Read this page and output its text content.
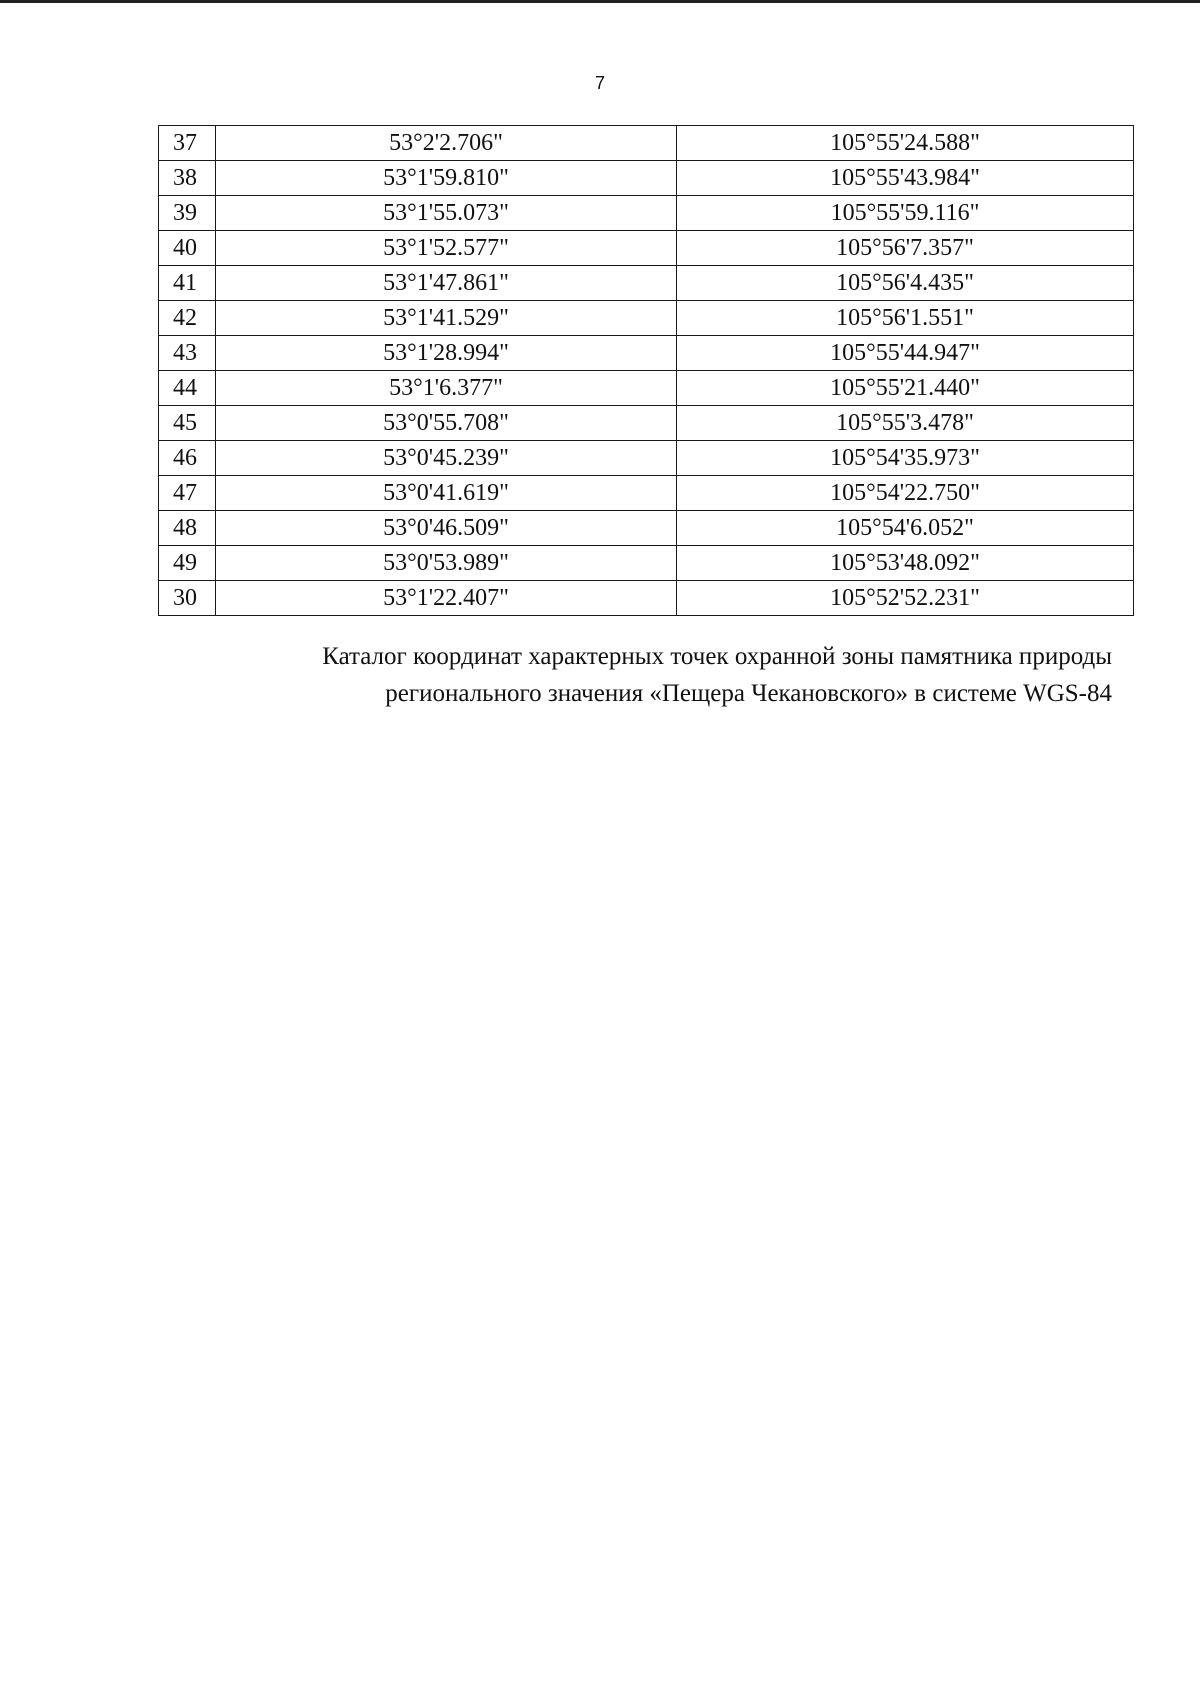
7
37	53°2'2.706"	105°55'24.588"
38	53°1'59.810"	105°55'43.984"
39	53°1'55.073"	105°55'59.116"
40	53°1'52.577"	105°56'7.357"
41	53°1'47.861"	105°56'4.435"
42	53°1'41.529"	105°56'1.551"
43	53°1'28.994"	105°55'44.947"
44	53°1'6.377"	105°55'21.440"
45	53°0'55.708"	105°55'3.478"
46	53°0'45.239"	105°54'35.973"
47	53°0'41.619"	105°54'22.750"
48	53°0'46.509"	105°54'6.052"
49	53°0'53.989"	105°53'48.092"
30	53°1'22.407"	105°52'52.231"
Каталог координат характерных точек охранной зоны памятника природы
регионального значения «Пещера Чекановского» в системе WGS-84
